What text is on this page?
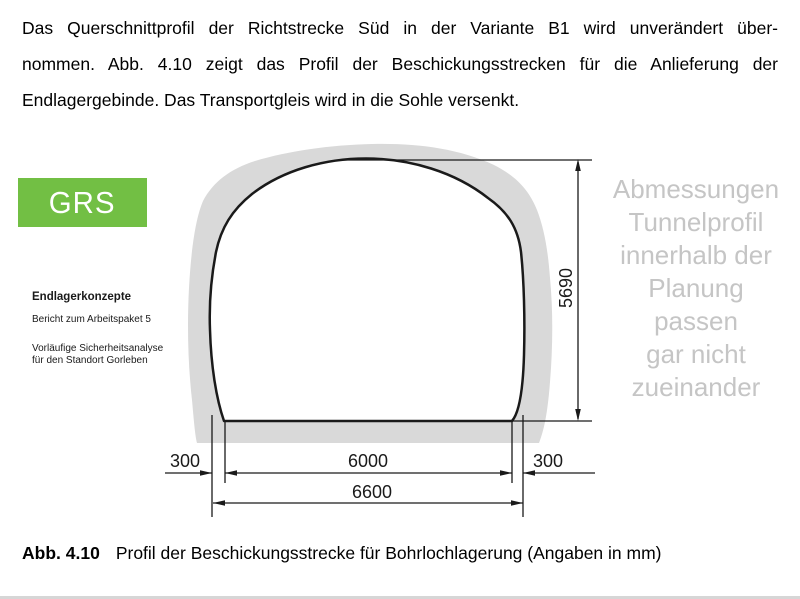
Das Querschnittprofil der Richtstrecke Süd in der Variante B1 wird unverändert über-
nommen. Abb. 4.10 zeigt das Profil der Beschickungsstrecken für die Anlieferung der
Endlagergebinde. Das Transportgleis wird in die Sohle versenkt.
GRS
Endlagerkonzepte
Bericht zum Arbeitspaket 5
Vorläufige Sicherheitsanalyse
für den Standort Gorleben
5690
300	6000	300
6600
Abmessungen
Tunnelprofil
innerhalb der
Planung
passen
gar nicht
zueinander
Abb. 4.10 Profil der Beschickungsstrecke für Bohrlochlagerung (Angaben in mm)
